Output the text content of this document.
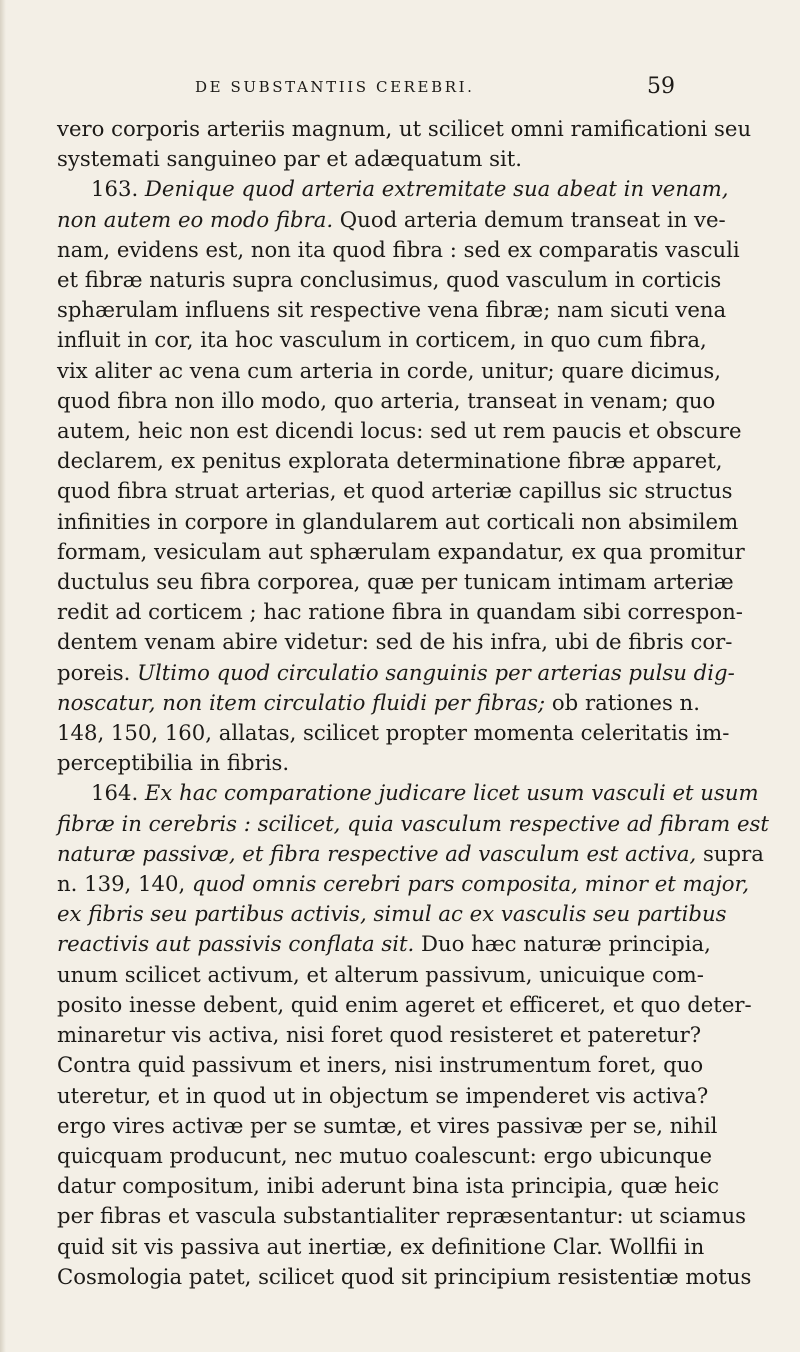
DE SUBSTANTIIS CEREBRI.	59
vero corporis arteriis magnum, ut scilicet omni ramificationi seu
systemati sanguineo par et adæquatum sit.
163. Denique quod arteria extremitate sua abeat in venam,
non autem eo modo fibra. Quod arteria demum transeat in ve-
nam, evidens est, non ita quod fibra : sed ex comparatis vasculi
et fibræ naturis supra conclusimus, quod vasculum in corticis
sphærulam influens sit respective vena fibræ; nam sicuti vena
influit in cor, ita hoc vasculum in corticem, in quo cum fibra,
vix aliter ac vena cum arteria in corde, unitur; quare dicimus,
quod fibra non illo modo, quo arteria, transeat in venam; quo
autem, heic non est dicendi locus: sed ut rem paucis et obscure
declarem, ex penitus explorata determinatione fibræ apparet,
quod fibra struat arterias, et quod arteriæ capillus sic structus
infinities in corpore in glandularem aut corticali non absimilem
formam, vesiculam aut sphærulam expandatur, ex qua promitur
ductulus seu fibra corporea, quæ per tunicam intimam arteriæ
redit ad corticem ; hac ratione fibra in quandam sibi correspon-
dentem venam abire videtur: sed de his infra, ubi de fibris cor-
poreis. Ultimo quod circulatio sanguinis per arterias pulsu dig-
noscatur, non item circulatio fluidi per fibras; ob rationes n.
148, 150, 160, allatas, scilicet propter momenta celeritatis im-
perceptibilia in fibris.
164. Ex hac comparatione judicare licet usum vasculi et usum
fibræ in cerebris : scilicet, quia vasculum respective ad fibram est
naturæ passivæ, et fibra respective ad vasculum est activa, supra
n. 139, 140, quod omnis cerebri pars composita, minor et major,
ex fibris seu partibus activis, simul ac ex vasculis seu partibus
reactivis aut passivis conflata sit. Duo hæc naturæ principia,
unum scilicet activum, et alterum passivum, unicuique com-
posito inesse debent, quid enim ageret et efficeret, et quo deter-
minaretur vis activa, nisi foret quod resisteret et pateretur?
Contra quid passivum et iners, nisi instrumentum foret, quo
uteretur, et in quod ut in objectum se impenderet vis activa?
ergo vires activæ per se sumtæ, et vires passivæ per se, nihil
quicquam producunt, nec mutuo coalescunt: ergo ubicunque
datur compositum, inibi aderunt bina ista principia, quæ heic
per fibras et vascula substantialiter repræsentantur: ut sciamus
quid sit vis passiva aut inertiæ, ex definitione Clar. Wollfii in
Cosmologia patet, scilicet quod sit principium resistentiæ motus
